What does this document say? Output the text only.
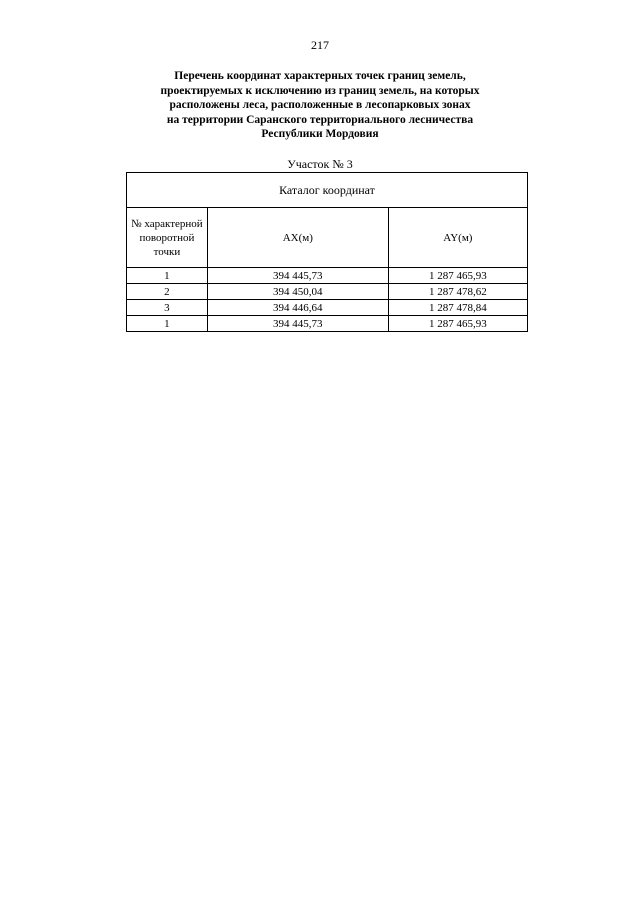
217
Перечень координат характерных точек границ земель,
проектируемых к исключению из границ земель, на которых
расположены леса, расположенные в лесопарковых зонах
на территории Саранского территориального лесничества
Республики Мордовия
Участок № 3
Каталог координат		
№ характерной поворотной точки	AX(м)	AY(м)
1	394 445,73	1 287 465,93
2	394 450,04	1 287 478,62
3	394 446,64	1 287 478,84
1	394 445,73	1 287 465,93
